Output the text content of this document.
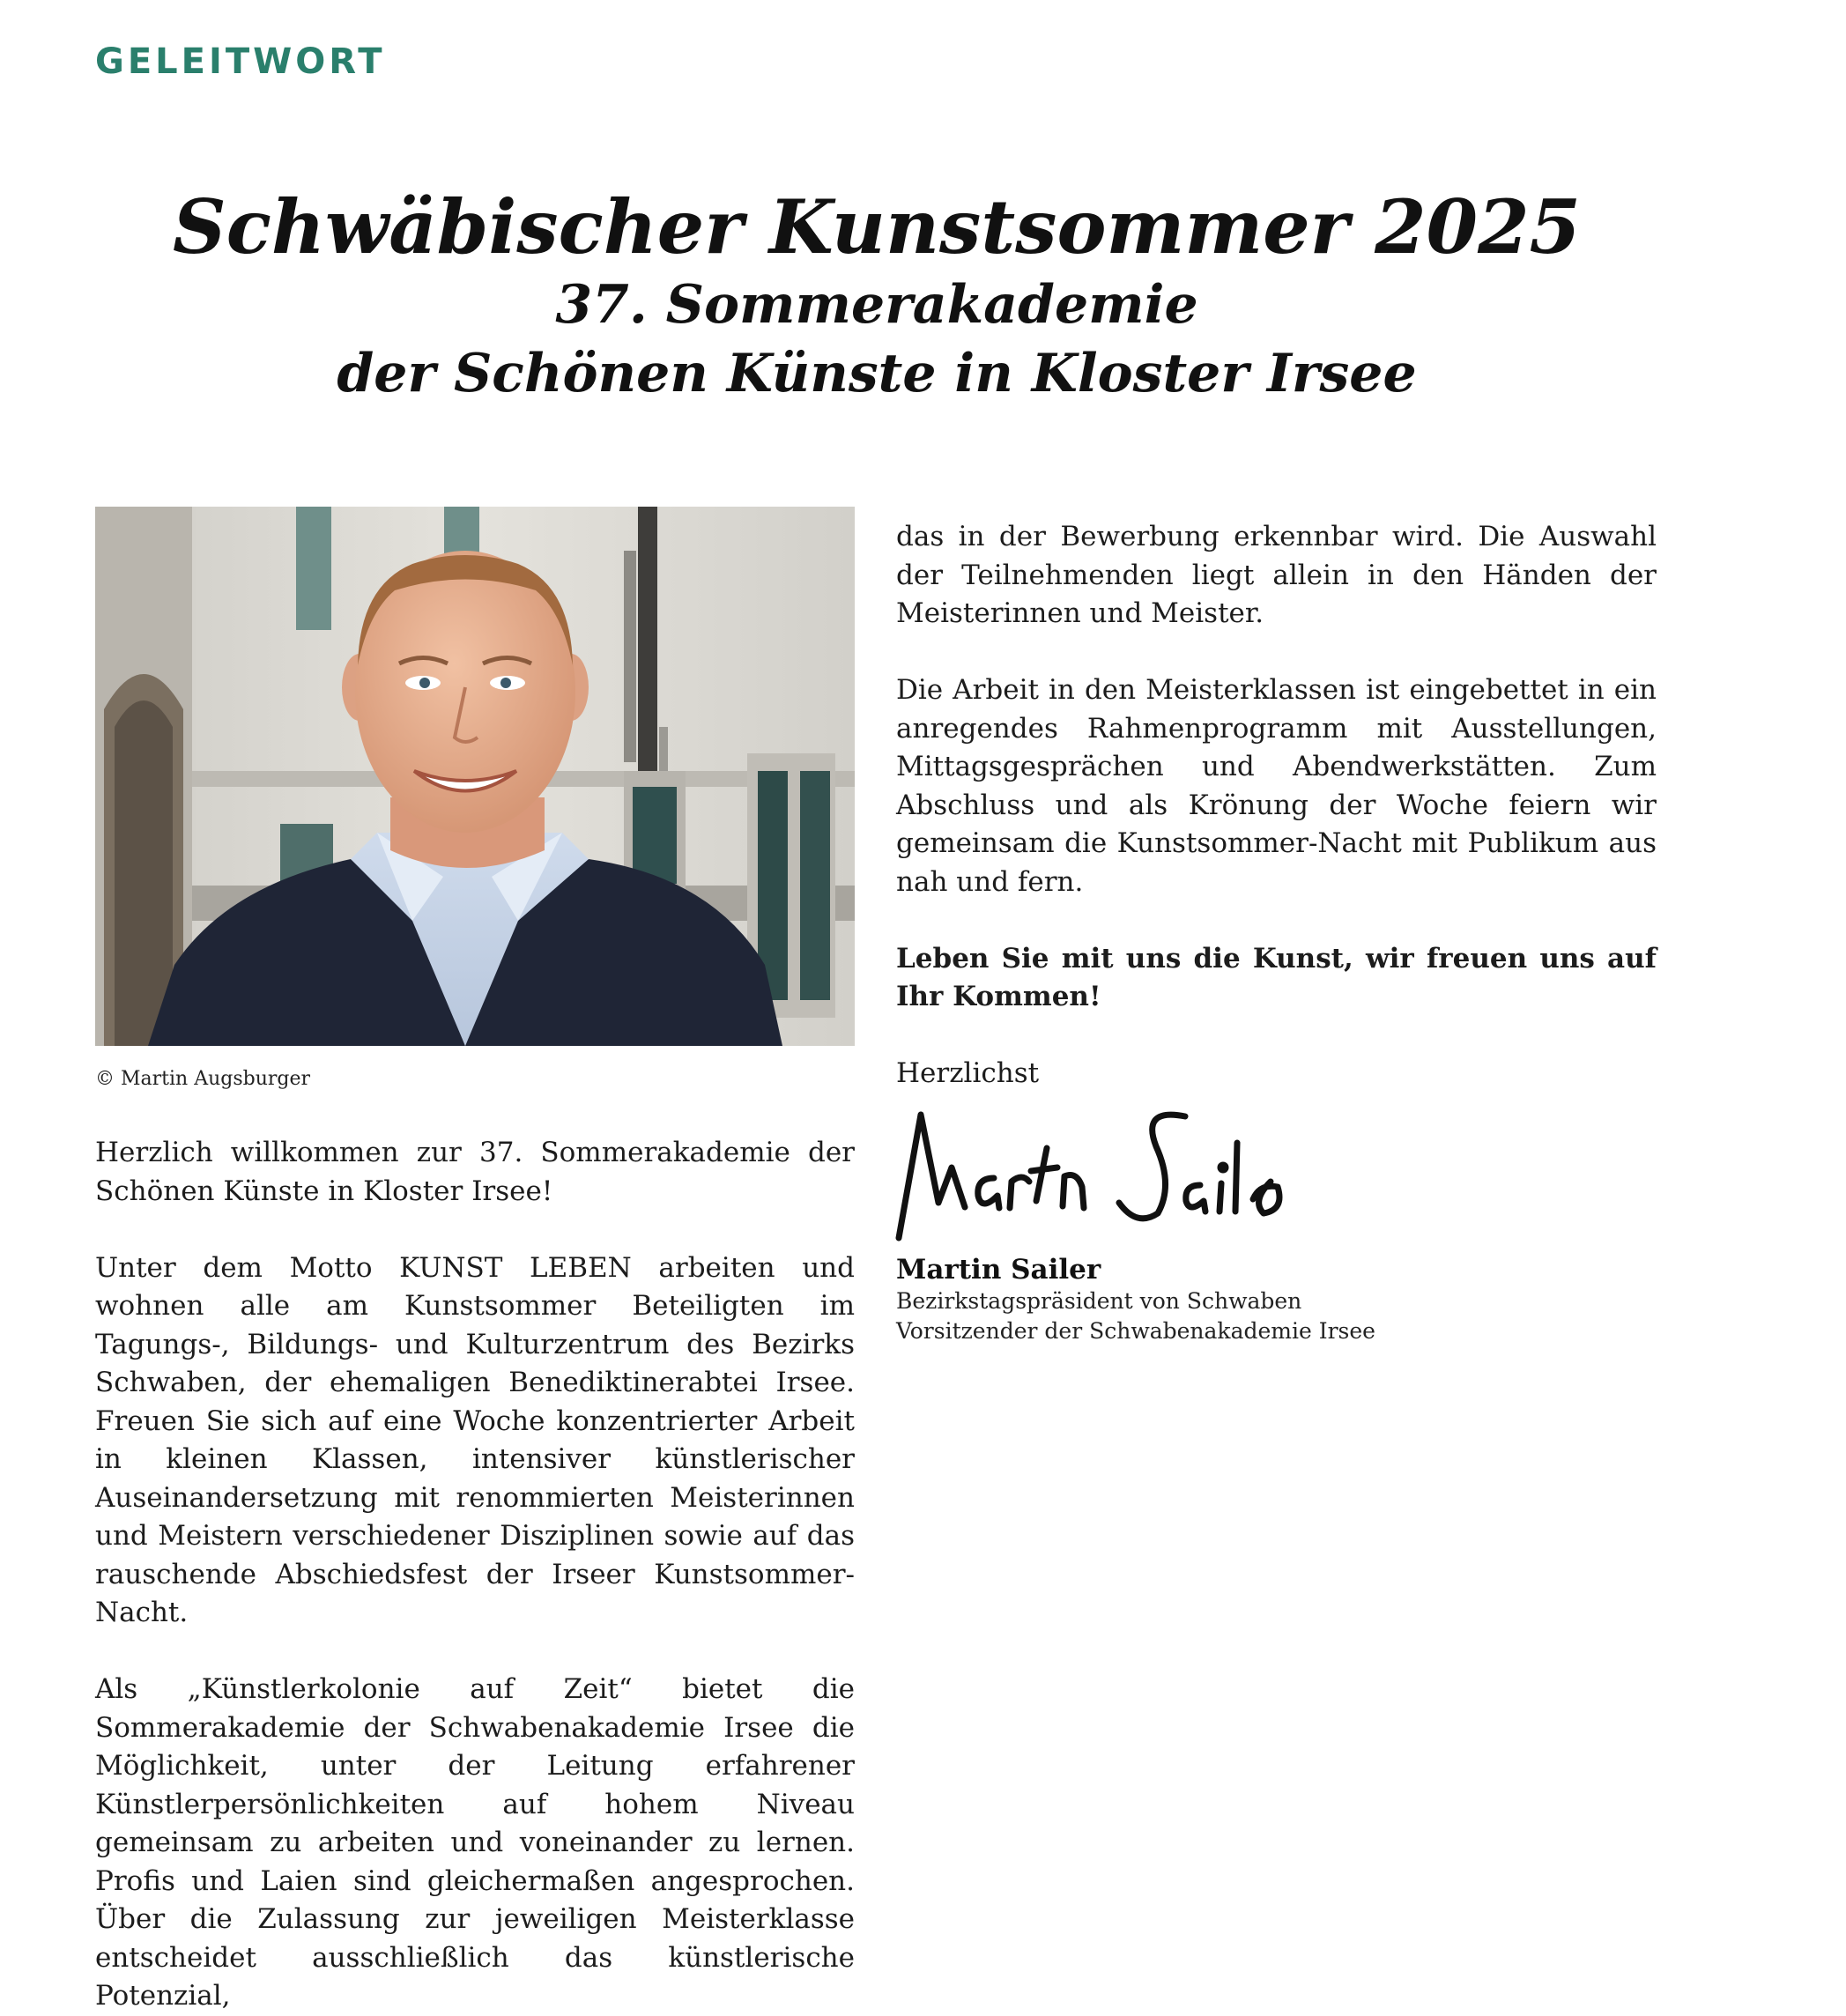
GELEITWORT
Schwäbischer Kunstsommer 2025

37. Sommerakademie

der Schönen Künste in Kloster Irsee

© Martin Augsburger

Herzlich willkommen zur 37. Sommerakademie der Schönen Künste in Kloster Irsee!

Unter dem Motto KUNST LEBEN arbeiten und wohnen alle am Kunstsommer Beteiligten im Tagungs-, Bildungs- und Kulturzentrum des Bezirks Schwaben, der ehemaligen Benediktinerabtei Irsee. Freuen Sie sich auf eine Woche konzentrierter Arbeit in kleinen Klassen, intensiver künstlerischer Auseinandersetzung mit renommierten Meisterinnen und Meistern verschiedener Disziplinen sowie auf das rauschende Abschiedsfest der Irseer Kunstsommer-Nacht.

Als „Künstlerkolonie auf Zeit“ bietet die Sommerakademie der Schwabenakademie Irsee die Möglichkeit, unter der Leitung erfahrener Künstlerpersönlichkeiten auf hohem Niveau gemeinsam zu arbeiten und voneinander zu lernen. Profis und Laien sind gleichermaßen angesprochen. Über die Zulassung zur jeweiligen Meisterklasse entscheidet ausschließlich das künstlerische Potenzial,

das in der Bewerbung erkennbar wird. Die Auswahl der Teilnehmenden liegt allein in den Händen der Meisterinnen und Meister.

Die Arbeit in den Meisterklassen ist eingebettet in ein anregendes Rahmenprogramm mit Ausstellungen, Mittagsgesprächen und Abendwerkstätten. Zum Abschluss und als Krönung der Woche feiern wir gemeinsam die Kunstsommer-Nacht mit Publikum aus nah und fern.

Leben Sie mit uns die Kunst, wir freuen uns auf Ihr Kommen!

Herzlichst

Martin Sailer
Bezirkstagspräsident von Schwaben
Vorsitzender der Schwabenakademie Irsee
